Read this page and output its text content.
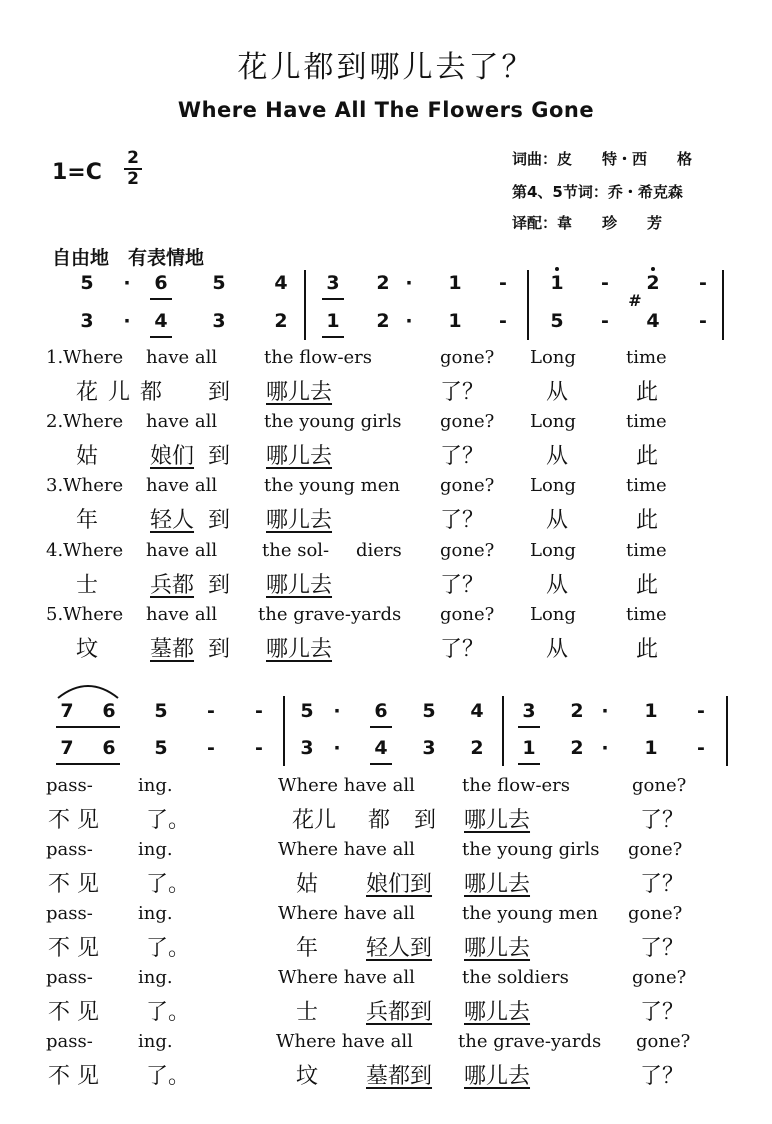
花儿都到哪儿去了？
Where Have All The Flowers Gone
词曲：皮　　特・西　　格
第4、5节词：乔・希克森
译配：韋　　珍　　芳
1=C
2
2
自由地　有表情地
5	·	6 5	4 3 2 ·	1	-	1	-	2	-
3	·	4 3	2 1 2 ·	1	-	5	-	4	-
#
1.Where have all	the flow-ers	gone? Long	time
花儿都 到 哪儿去	了？	从	此
2.Where have all	the young girls gone? Long	time
姑 娘们 到 哪儿去	了？	从	此
3.Where have all	the young men gone? Long	time
年 轻人 到 哪儿去	了？	从	此
4.Where have all the sol- diers gone? Long	time
士 兵都 到 哪儿去	了？	从	此
5.Where have all the grave-yards gone? Long	time
坟 墓都 到 哪儿去	了？	从	此
7 6 5	-	-	5	·	6 5 4 3 2 ·	1	-
7 6 5	-	-	3	·	4 3 2 1 2 ·	1	-
pass-	ing.	Where have all	the flow-ers	gone?
不 见 了。	花儿 都 到 哪儿去	了？
pass-	ing.	Where have all	the young girls gone?
不 见 了。	姑 娘们到 哪儿去	了？
pass-	ing.	Where have all	the young men gone?
不 见 了。	年 轻人到 哪儿去	了？
pass-	ing.	Where have all	the soldiers	gone?
不 见 了。	士 兵都到 哪儿去	了？
pass-	ing.	Where have all	the grave-yards gone?
不 见 了。	坟 墓都到 哪儿去	了？
